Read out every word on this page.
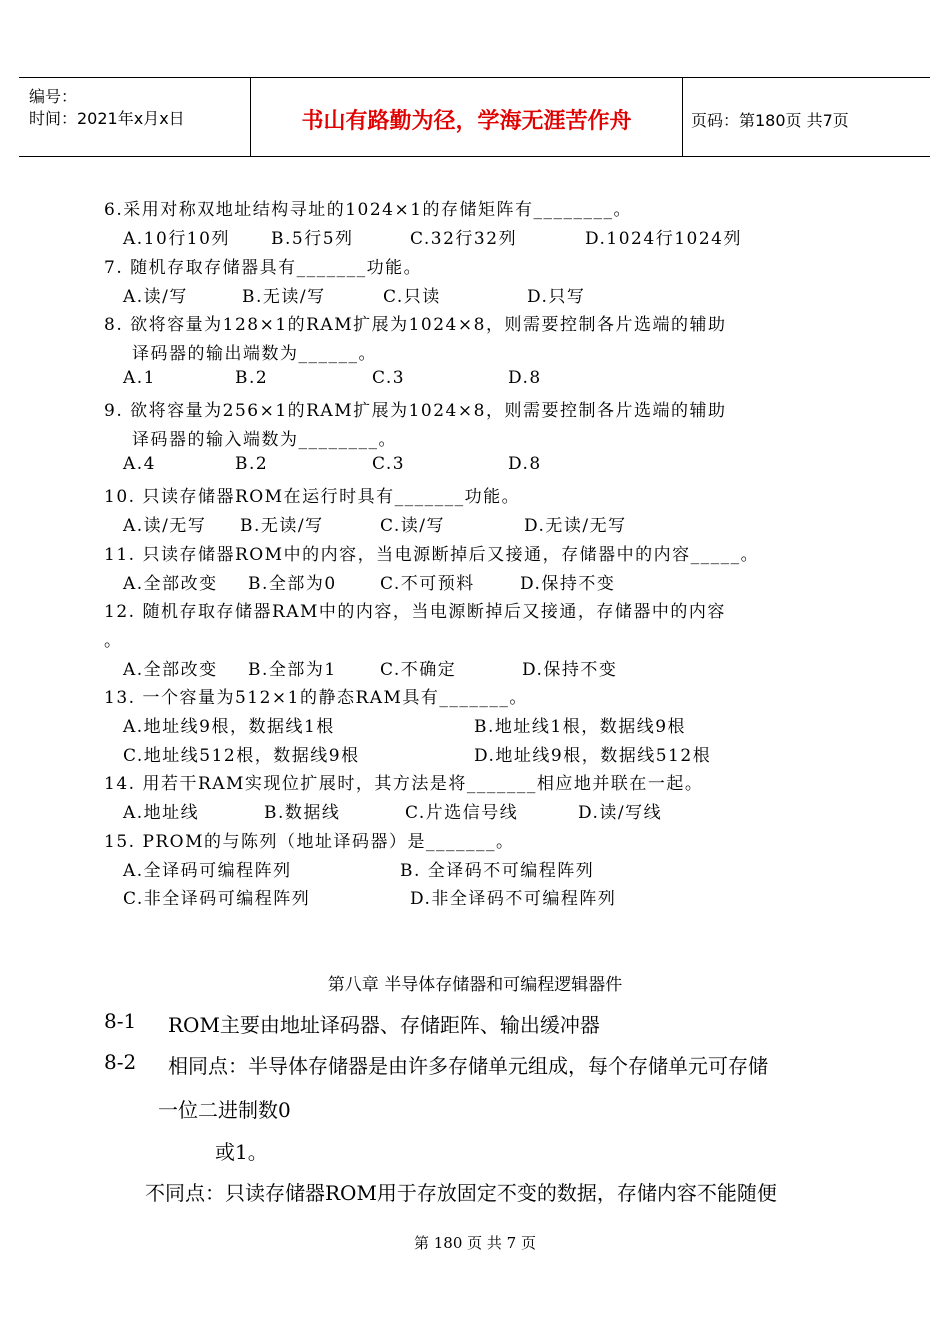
编号：
时间：2021年x月x日	书山有路勤为径，学海无涯苦作舟	页码：第180页 共7页
6.采用对称双地址结构寻址的1024×1的存储矩阵有________。
A.10行10列 B.5行5列	C.32行32列	D.1024行1024列
7. 随机存取存储器具有_______功能。
A.读/写	B.无读/写	C.只读	D.只写
8. 欲将容量为128×1的RAM扩展为1024×8，则需要控制各片选端的辅助
译码器的输出端数为______。
A.1	B.2	C.3	D.8
9. 欲将容量为256×1的RAM扩展为1024×8，则需要控制各片选端的辅助
译码器的输入端数为________。
A.4	B.2	C.3	D.8
10. 只读存储器ROM在运行时具有_______功能。
A.读/无写 B.无读/写	C.读/写	D.无读/无写
11. 只读存储器ROM中的内容，当电源断掉后又接通，存储器中的内容_____。
A.全部改变 B.全部为0	C.不可预料	D.保持不变
12. 随机存取存储器RAM中的内容，当电源断掉后又接通，存储器中的内容
。
A.全部改变 B.全部为1	C.不确定	D.保持不变
13. 一个容量为512×1的静态RAM具有_______。
A.地址线9根，数据线1根	B.地址线1根，数据线9根
C.地址线512根，数据线9根	D.地址线9根，数据线512根
14. 用若干RAM实现位扩展时，其方法是将_______相应地并联在一起。
A.地址线	B.数据线	C.片选信号线	D.读/写线
15. PROM的与陈列（地址译码器）是_______。
A.全译码可编程阵列	B. 全译码不可编程阵列
C.非全译码可编程阵列	D.非全译码不可编程阵列
第八章 半导体存储器和可编程逻辑器件
8-1 ROM主要由地址译码器、存储距阵、输出缓冲器
8-2 相同点：半导体存储器是由许多存储单元组成，每个存储单元可存储
一位二进制数0
或1。
不同点：只读存储器ROM用于存放固定不变的数据，存储内容不能随便
第 180 页 共 7 页
